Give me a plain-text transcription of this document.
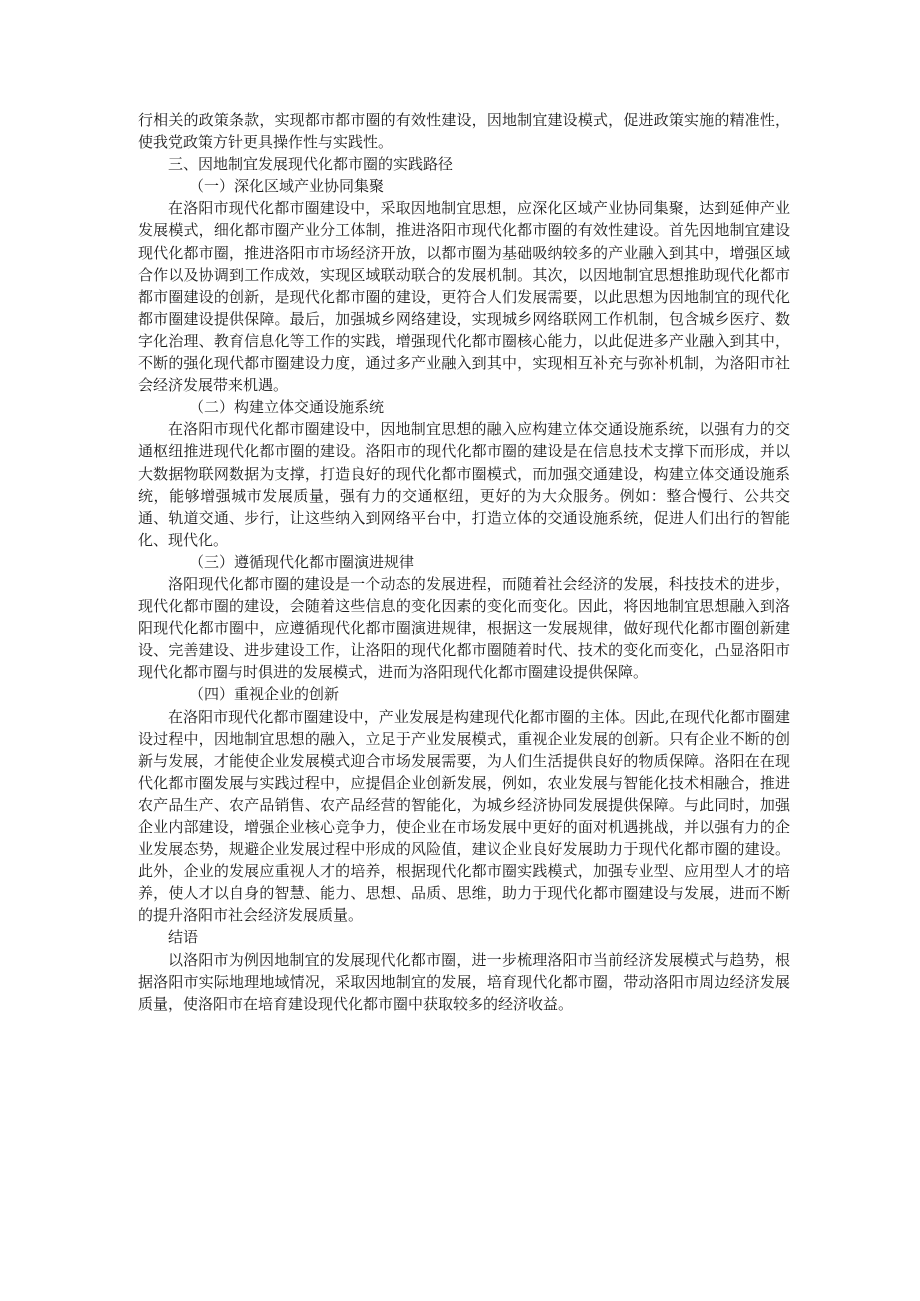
行相关的政策条款，实现都市都市圈的有效性建设，因地制宜建设模式，促进政策实施的精准性，使我党政策方针更具操作性与实践性。

三、因地制宜发展现代化都市圈的实践路径

（一）深化区域产业协同集聚

在洛阳市现代化都市圈建设中，采取因地制宜思想，应深化区域产业协同集聚，达到延伸产业发展模式，细化都市圈产业分工体制，推进洛阳市现代化都市圈的有效性建设。首先因地制宜建设现代化都市圈，推进洛阳市市场经济开放，以都市圈为基础吸纳较多的产业融入到其中，增强区域合作以及协调到工作成效，实现区域联动联合的发展机制。其次，以因地制宜思想推助现代化都市都市圈建设的创新，是现代化都市圈的建设，更符合人们发展需要，以此思想为因地制宜的现代化都市圈建设提供保障。最后，加强城乡网络建设，实现城乡网络联网工作机制，包含城乡医疗、数字化治理、教育信息化等工作的实践，增强现代化都市圈核心能力，以此促进多产业融入到其中，不断的强化现代都市圈建设力度，通过多产业融入到其中，实现相互补充与弥补机制，为洛阳市社会经济发展带来机遇。

（二）构建立体交通设施系统

在洛阳市现代化都市圈建设中，因地制宜思想的融入应构建立体交通设施系统，以强有力的交通枢纽推进现代化都市圈的建设。洛阳市的现代化都市圈的建设是在信息技术支撑下而形成，并以大数据物联网数据为支撑，打造良好的现代化都市圈模式，而加强交通建设，构建立体交通设施系统，能够增强城市发展质量，强有力的交通枢纽，更好的为大众服务。例如：整合慢行、公共交通、轨道交通、步行，让这些纳入到网络平台中，打造立体的交通设施系统，促进人们出行的智能化、现代化。

（三）遵循现代化都市圈演进规律

洛阳现代化都市圈的建设是一个动态的发展进程，而随着社会经济的发展，科技技术的进步，现代化都市圈的建设，会随着这些信息的变化因素的变化而变化。因此，将因地制宜思想融入到洛阳现代化都市圈中，应遵循现代化都市圈演进规律，根据这一发展规律，做好现代化都市圈创新建设、完善建设、进步建设工作，让洛阳的现代化都市圈随着时代、技术的变化而变化，凸显洛阳市现代化都市圈与时俱进的发展模式，进而为洛阳现代化都市圈建设提供保障。

（四）重视企业的创新

在洛阳市现代化都市圈建设中，产业发展是构建现代化都市圈的主体。因此,在现代化都市圈建设过程中，因地制宜思想的融入，立足于产业发展模式，重视企业发展的创新。只有企业不断的创新与发展，才能使企业发展模式迎合市场发展需要，为人们生活提供良好的物质保障。洛阳在在现代化都市圈发展与实践过程中，应提倡企业创新发展，例如，农业发展与智能化技术相融合，推进农产品生产、农产品销售、农产品经营的智能化，为城乡经济协同发展提供保障。与此同时，加强企业内部建设，增强企业核心竞争力，使企业在市场发展中更好的面对机遇挑战，并以强有力的企业发展态势，规避企业发展过程中形成的风险值，建议企业良好发展助力于现代化都市圈的建设。此外，企业的发展应重视人才的培养，根据现代化都市圈实践模式，加强专业型、应用型人才的培养，使人才以自身的智慧、能力、思想、品质、思维，助力于现代化都市圈建设与发展，进而不断的提升洛阳市社会经济发展质量。

结语

以洛阳市为例因地制宜的发展现代化都市圈，进一步梳理洛阳市当前经济发展模式与趋势，根据洛阳市实际地理地域情况，采取因地制宜的发展，培育现代化都市圈，带动洛阳市周边经济发展质量，使洛阳市在培育建设现代化都市圈中获取较多的经济收益。
